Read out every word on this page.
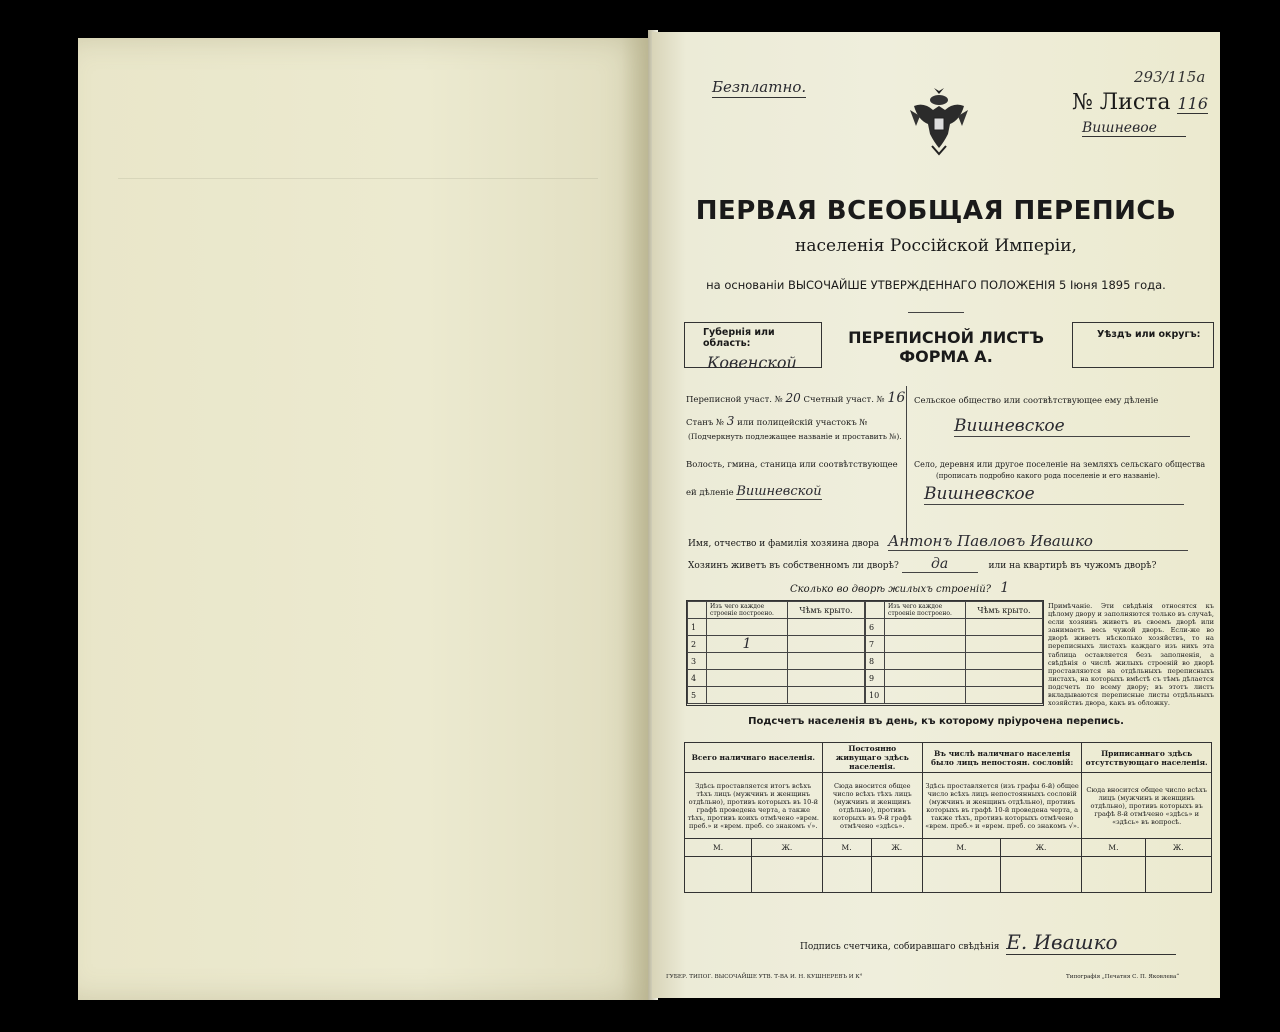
Безплатно.
№ Листа 116
293/115а
Вишневое
ПЕРВАЯ ВСЕОБЩАЯ ПЕРЕПИСЬ
населенія Россійской Имперіи,
на основаніи ВЫСОЧАЙШЕ УТВЕРЖДЕННАГО ПОЛОЖЕНІЯ 5 Іюня 1895 года.
Губернія или область:
Ковенской
ПЕРЕПИСНОЙ ЛИСТЪ
ФОРМА А.
Уѣздъ или округъ:
Переписной участ. № 20 Счетный участ. № 16
Станъ № 3 или полицейскій участокъ №
(Подчеркнуть подлежащее названіе и проставить №).
Волость, гмина, станица или соотвѣтствующее
ей дѣленіе Вишневской
Сельское общество или соотвѣтствующее ему дѣленіе
Вишневское
Село, деревня или другое поселеніе на земляхъ сельскаго общества
(прописать подробно какого рода поселеніе и его названіе).
Вишневское
Имя, отчество и фамилія хозяина двора Антонъ Павловъ Ивашко
Хозяинъ живетъ въ собственномъ ли дворѣ? да	или на квартирѣ въ чужомъ дворѣ?
Сколько во дворѣ жилыхъ строеній? 1
	Изъ чего каждое строеніе построено.	Чѣмъ крыто.
1		
2	1	
3		
4		
5		
	Изъ чего каждое строеніе построено.	Чѣмъ крыто.
6		
7		
8		
9		
10		
Примѣчаніе. Эти свѣдѣнія относятся къ цѣлому двору и заполняются только въ случаѣ, если хозяинъ живетъ въ своемъ дворѣ или занимаетъ весь чужой дворъ. Если-же во дворѣ живетъ нѣсколько хозяйствъ, то на переписныхъ листахъ каждаго изъ нихъ эта таблица оставляется безъ заполненія, а свѣдѣнія о числѣ жилыхъ строеній во дворѣ проставляются на отдѣльныхъ переписныхъ листахъ, на которыхъ вмѣстѣ съ тѣмъ дѣлается подсчетъ по всему двору; въ этотъ листъ вкладываются переписные листы отдѣльныхъ хозяйствъ двора, какъ въ обложку.
Подсчетъ населенія въ день, къ которому пріурочена перепись.
Всего наличнаго населенія.		Постоянно живущаго здѣсь населенія.		Въ числѣ наличнаго населенія было лицъ непостоян. сословій:		Приписаннаго здѣсь отсутствующаго населенія.	
Здѣсь проставляется итогъ всѣхъ тѣхъ лицъ (мужчинъ и женщинъ отдѣльно), противъ которыхъ въ 10-й графѣ проведена черта, а также тѣхъ, противъ коихъ отмѣчено «врем. преб.» и «врем. преб. со знакомъ √».		Сюда вносится общее число всѣхъ тѣхъ лицъ (мужчинъ и женщинъ отдѣльно), противъ которыхъ въ 9-й графѣ отмѣчено «здѣсь».		Здѣсь проставляется (изъ графы 6-й) общее число всѣхъ лицъ непостоянныхъ сословій (мужчинъ и женщинъ отдѣльно), противъ которыхъ въ графѣ 10-й проведена черта, а также тѣхъ, противъ которыхъ отмѣчено «врем. преб.» и «врем. преб. со знакомъ √».		Сюда вносится общее число всѣхъ лицъ (мужчинъ и женщинъ отдѣльно), противъ которыхъ въ графѣ 8-й отмѣчено «здѣсь» и «здѣсь» въ вопросѣ.	
М.	Ж.	М.	Ж.	М.	Ж.	М.	Ж.

Подпись счетчика, собиравшаго свѣдѣнія Е. Ивашко
ГУБЕР. ТИПОГ. ВЫСОЧАЙШЕ УТВ. Т-ВА И. Н. КУШНЕРЕВЪ И К°	Типографія „Печатня С. П. Яковлева“
